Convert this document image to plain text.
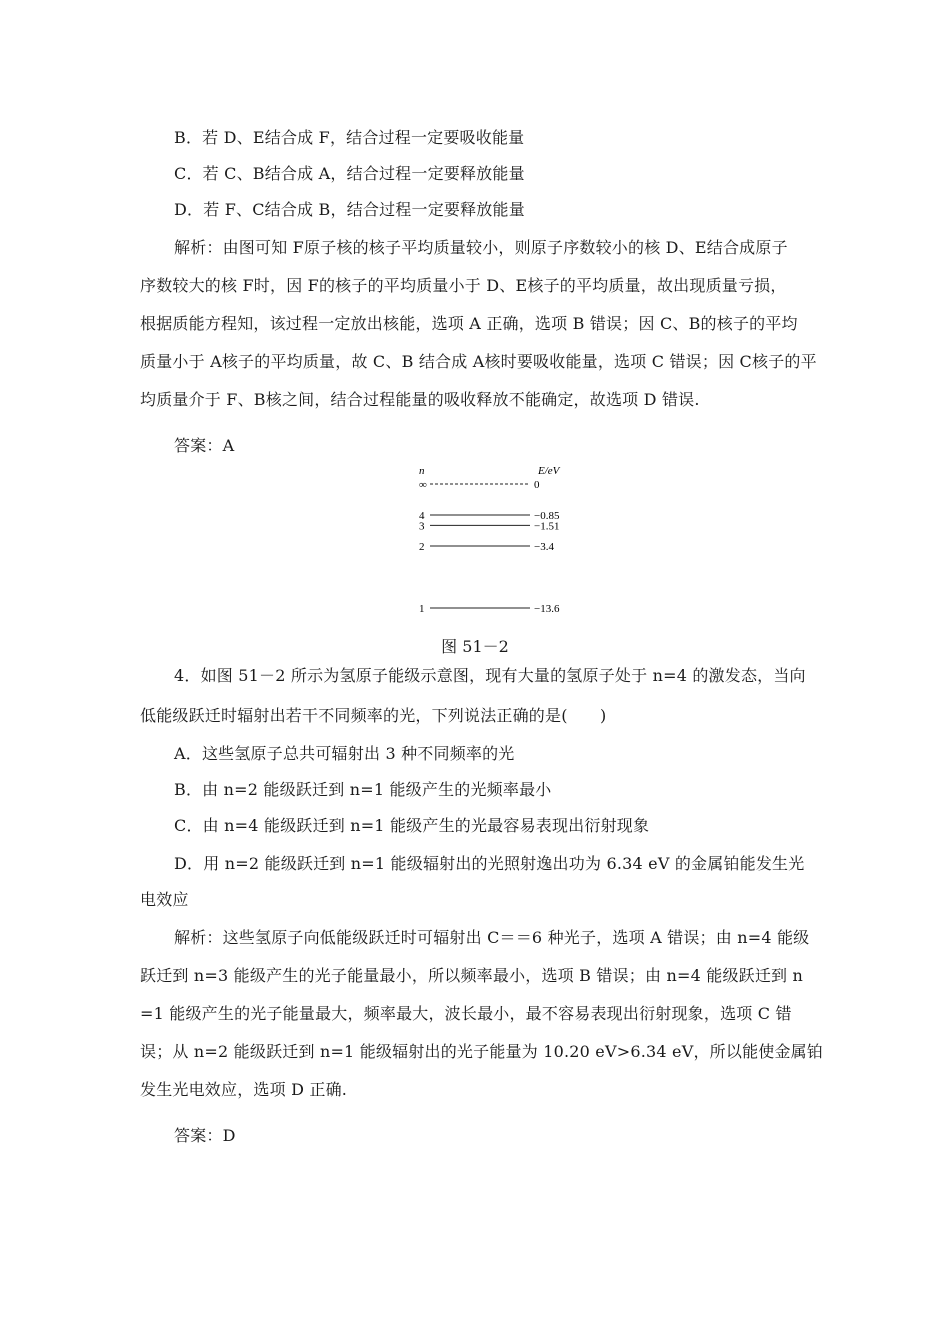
B．若 D、E结合成 F，结合过程一定要吸收能量
C．若 C、B结合成 A，结合过程一定要释放能量
D．若 F、C结合成 B，结合过程一定要释放能量
解析：由图可知 F原子核的核子平均质量较小，则原子序数较小的核 D、E结合成原子
序数较大的核 F时，因 F的核子的平均质量小于 D、E核子的平均质量，故出现质量亏损，
根据质能方程知，该过程一定放出核能，选项 A 正确，选项 B 错误；因 C、B的核子的平均
质量小于 A核子的平均质量，故 C、B 结合成 A核时要吸收能量，选项 C 错误；因 C核子的平
均质量介于 F、B核之间，结合过程能量的吸收释放不能确定，故选项 D 错误.
答案：A
n	E/eV
∞	0
4	−0.85
3	−1.51
2	−3.4
1	−13.6
图 51－2
4．如图 51－2 所示为氢原子能级示意图，现有大量的氢原子处于 n=4 的激发态，当向
低能级跃迁时辐射出若干不同频率的光，下列说法正确的是(　　)
A．这些氢原子总共可辐射出 3 种不同频率的光
B．由 n=2 能级跃迁到 n=1 能级产生的光频率最小
C．由 n=4 能级跃迁到 n=1 能级产生的光最容易表现出衍射现象
D．用 n=2 能级跃迁到 n=1 能级辐射出的光照射逸出功为 6.34 eV 的金属铂能发生光
电效应
解析：这些氢原子向低能级跃迁时可辐射出 C＝＝6 种光子，选项 A 错误；由 n=4 能级
跃迁到 n=3 能级产生的光子能量最小，所以频率最小，选项 B 错误；由 n=4 能级跃迁到 n
=1 能级产生的光子能量最大，频率最大，波长最小，最不容易表现出衍射现象，选项 C 错
误；从 n=2 能级跃迁到 n=1 能级辐射出的光子能量为 10.20 eV>6.34 eV，所以能使金属铂
发生光电效应，选项 D 正确.
答案：D
